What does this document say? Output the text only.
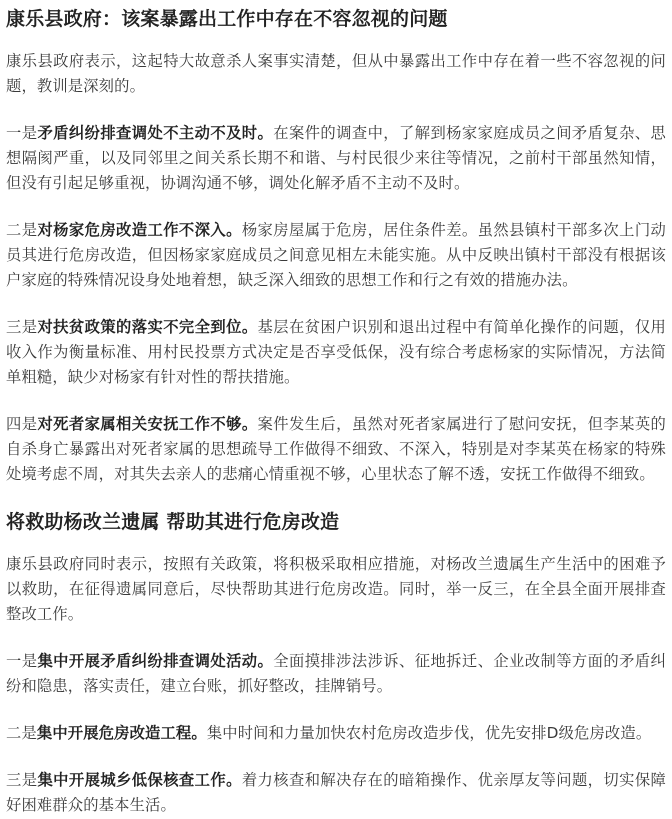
康乐县政府：该案暴露出工作中存在不容忽视的问题

康乐县政府表示，这起特大故意杀人案事实清楚，但从中暴露出工作中存在着一些不容忽视的问题，教训是深刻的。

一是矛盾纠纷排查调处不主动不及时。在案件的调查中，了解到杨家家庭成员之间矛盾复杂、思想隔阂严重，以及同邻里之间关系长期不和谐、与村民很少来往等情况，之前村干部虽然知情，但没有引起足够重视，协调沟通不够，调处化解矛盾不主动不及时。

二是对杨家危房改造工作不深入。杨家房屋属于危房，居住条件差。虽然县镇村干部多次上门动员其进行危房改造，但因杨家家庭成员之间意见相左未能实施。从中反映出镇村干部没有根据该户家庭的特殊情况设身处地着想，缺乏深入细致的思想工作和行之有效的措施办法。

三是对扶贫政策的落实不完全到位。基层在贫困户识别和退出过程中有简单化操作的问题，仅用收入作为衡量标准、用村民投票方式决定是否享受低保，没有综合考虑杨家的实际情况，方法简单粗糙，缺少对杨家有针对性的帮扶措施。

四是对死者家属相关安抚工作不够。案件发生后，虽然对死者家属进行了慰问安抚，但李某英的自杀身亡暴露出对死者家属的思想疏导工作做得不细致、不深入，特别是对李某英在杨家的特殊处境考虑不周，对其失去亲人的悲痛心情重视不够，心里状态了解不透，安抚工作做得不细致。

将救助杨改兰遗属 帮助其进行危房改造

康乐县政府同时表示，按照有关政策，将积极采取相应措施，对杨改兰遗属生产生活中的困难予以救助，在征得遗属同意后，尽快帮助其进行危房改造。同时，举一反三，在全县全面开展排查整改工作。

一是集中开展矛盾纠纷排查调处活动。全面摸排涉法涉诉、征地拆迁、企业改制等方面的矛盾纠纷和隐患，落实责任，建立台账，抓好整改，挂牌销号。

二是集中开展危房改造工程。集中时间和力量加快农村危房改造步伐，优先安排D级危房改造。

三是集中开展城乡低保核查工作。着力核查和解决存在的暗箱操作、优亲厚友等问题，切实保障好困难群众的基本生活。
